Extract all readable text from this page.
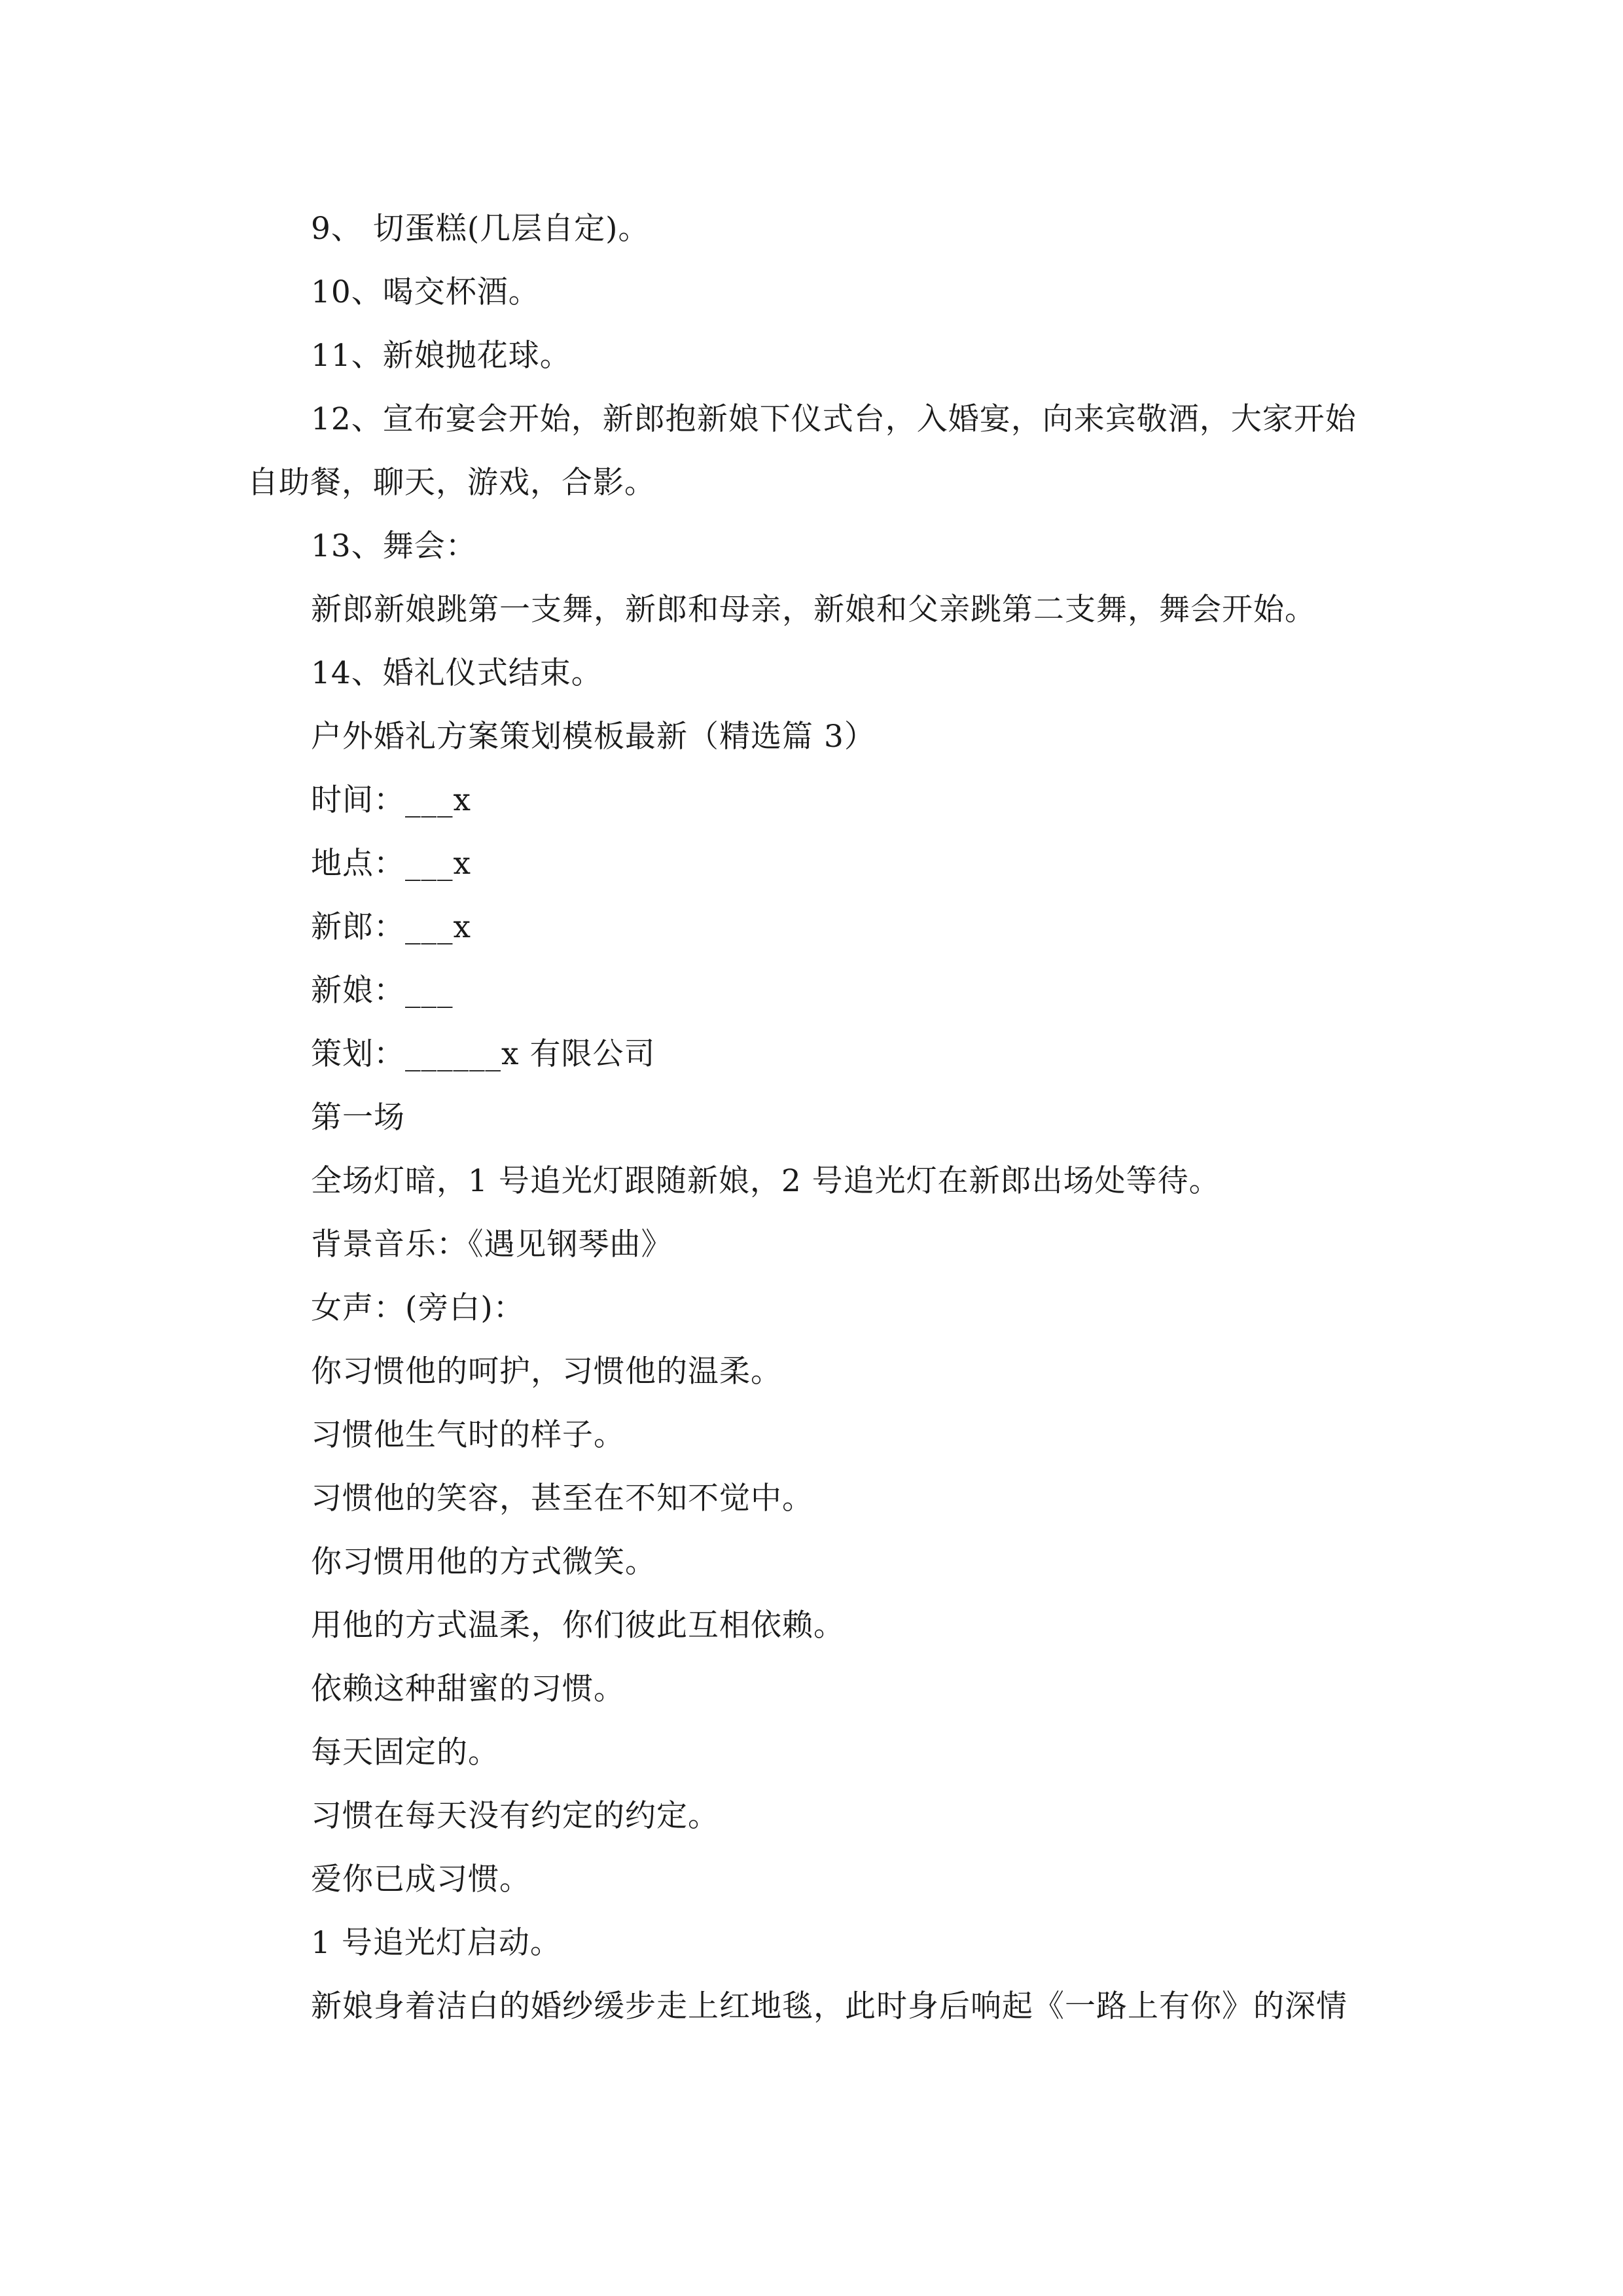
9、 切蛋糕(几层自定)。
10、喝交杯酒。
11、新娘抛花球。
12、宣布宴会开始，新郎抱新娘下仪式台，入婚宴，向来宾敬酒，大家开始
自助餐，聊天，游戏，合影。
13、舞会：
新郎新娘跳第一支舞，新郎和母亲，新娘和父亲跳第二支舞，舞会开始。
14、婚礼仪式结束。
户外婚礼方案策划模板最新（精选篇 3）
时间：___x
地点：___x
新郎：___x
新娘：___
策划：______x 有限公司
第一场
全场灯暗，1 号追光灯跟随新娘，2 号追光灯在新郎出场处等待。
背景音乐：《遇见钢琴曲》
女声：(旁白)：
你习惯他的呵护，习惯他的温柔。
习惯他生气时的样子。
习惯他的笑容，甚至在不知不觉中。
你习惯用他的方式微笑。
用他的方式温柔，你们彼此互相依赖。
依赖这种甜蜜的习惯。
每天固定的。
习惯在每天没有约定的约定。
爱你已成习惯。
1 号追光灯启动。
新娘身着洁白的婚纱缓步走上红地毯，此时身后响起《一路上有你》的深情
